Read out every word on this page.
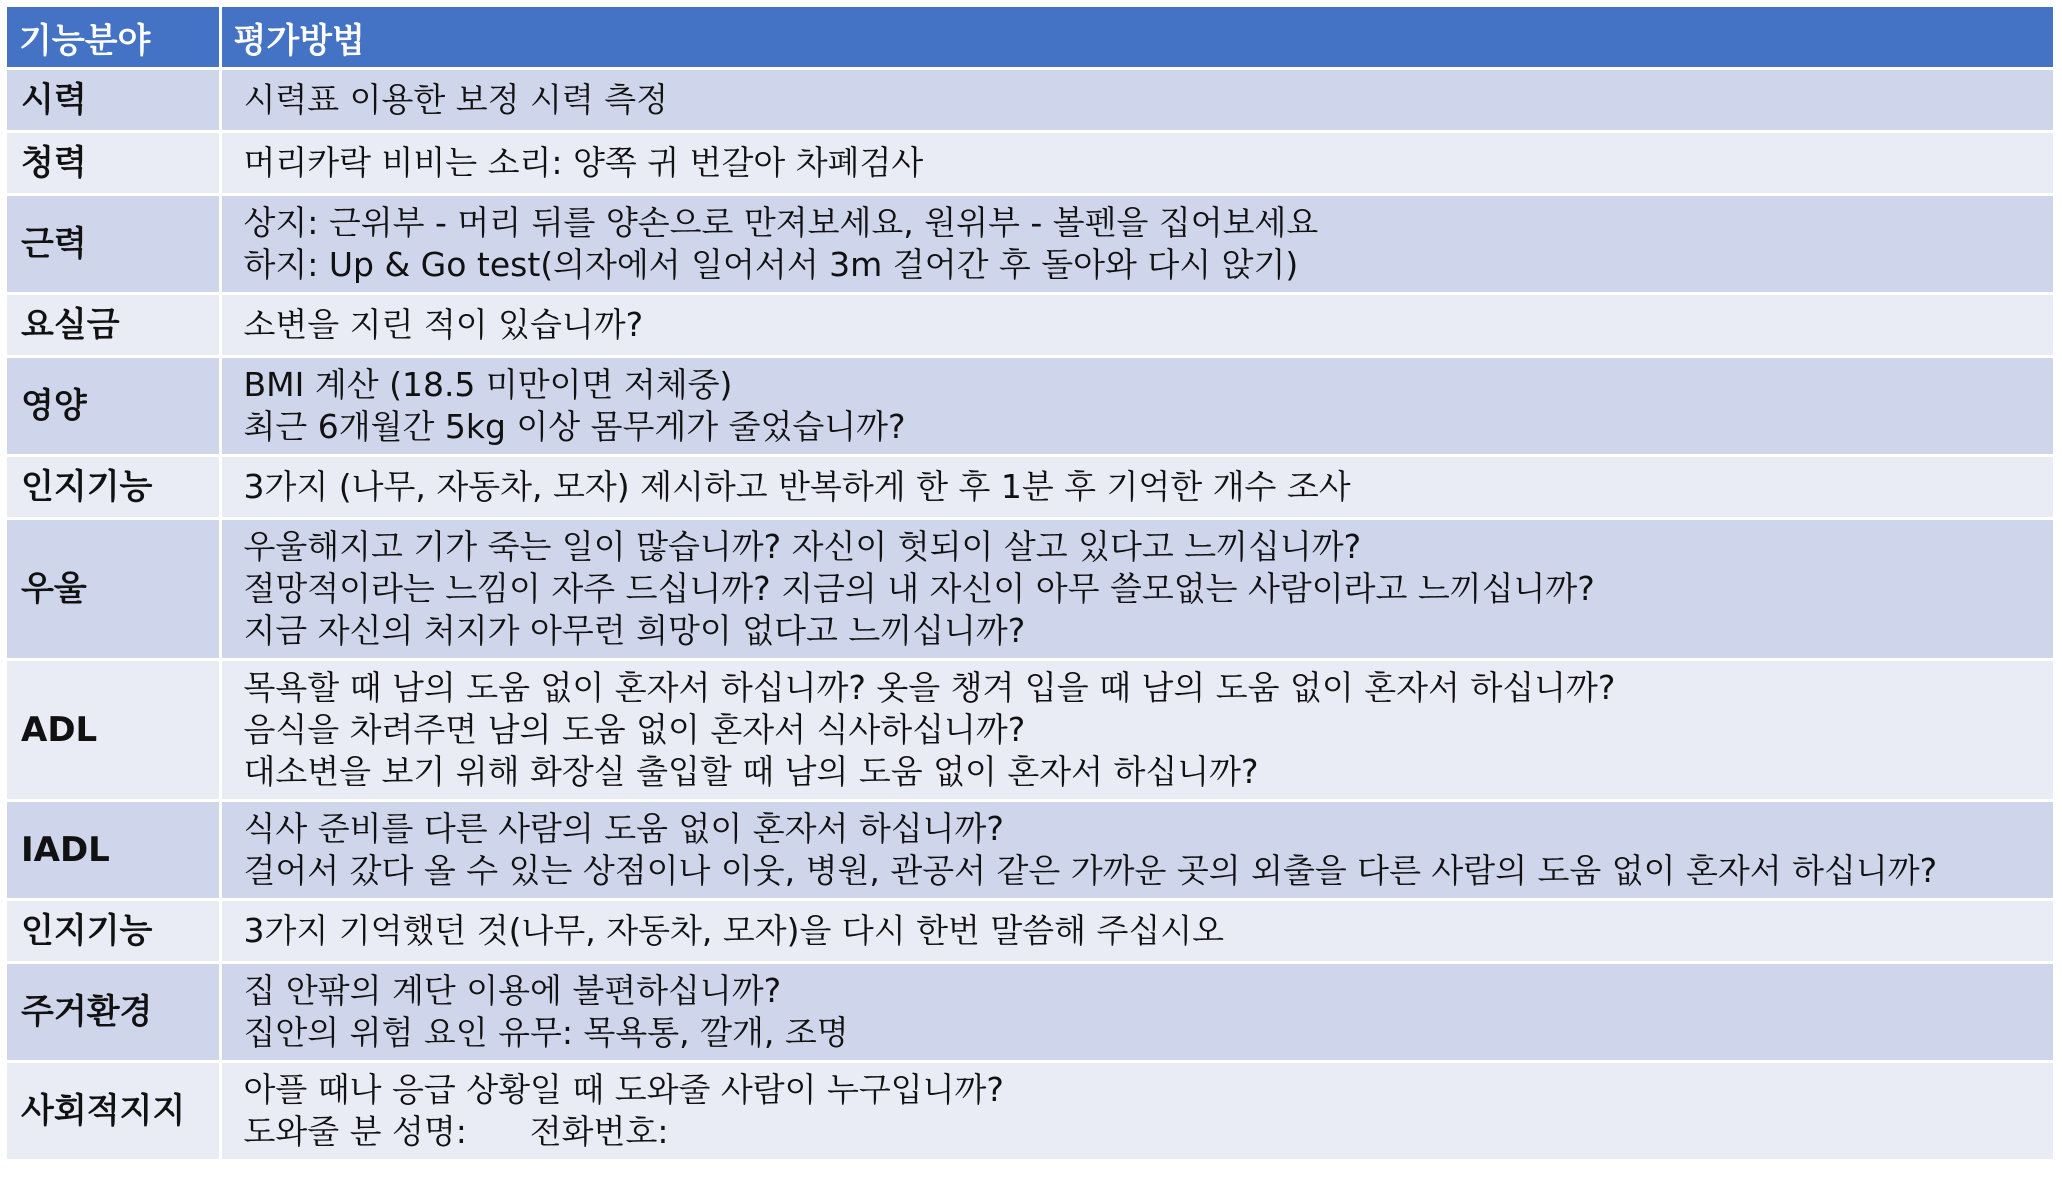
기능분야	평가방법
시력	시력표 이용한 보정 시력 측정

청력	머리카락 비비는 소리: 양쪽 귀 번갈아 차폐검사

근력	상지: 근위부 - 머리 뒤를 양손으로 만져보세요, 원위부 - 볼펜을 집어보세요
하지: Up & Go test(의자에서 일어서서 3m 걸어간 후 돌아와 다시 앉기)

요실금	소변을 지린 적이 있습니까?

영양	BMI 계산 (18.5 미만이면 저체중)
최근 6개월간 5kg 이상 몸무게가 줄었습니까?

인지기능	3가지 (나무, 자동차, 모자) 제시하고 반복하게 한 후 1분 후 기억한 개수 조사

우울	우울해지고 기가 죽는 일이 많습니까? 자신이 헛되이 살고 있다고 느끼십니까?
절망적이라는 느낌이 자주 드십니까? 지금의 내 자신이 아무 쓸모없는 사람이라고 느끼십니까?
지금 자신의 처지가 아무런 희망이 없다고 느끼십니까?

ADL	목욕할 때 남의 도움 없이 혼자서 하십니까? 옷을 챙겨 입을 때 남의 도움 없이 혼자서 하십니까?
음식을 차려주면 남의 도움 없이 혼자서 식사하십니까?
대소변을 보기 위해 화장실 출입할 때 남의 도움 없이 혼자서 하십니까?

IADL	식사 준비를 다른 사람의 도움 없이 혼자서 하십니까?
걸어서 갔다 올 수 있는 상점이나 이웃, 병원, 관공서 같은 가까운 곳의 외출을 다른 사람의 도움 없이 혼자서 하십니까?

인지기능	3가지 기억했던 것(나무, 자동차, 모자)을 다시 한번 말씀해 주십시오

주거환경	집 안팎의 계단 이용에 불편하십니까?
집안의 위험 요인 유무: 목욕통, 깔개, 조명

사회적지지	아플 때나 응급 상황일 때 도와줄 사람이 누구입니까?
도와줄 분 성명:      전화번호:
